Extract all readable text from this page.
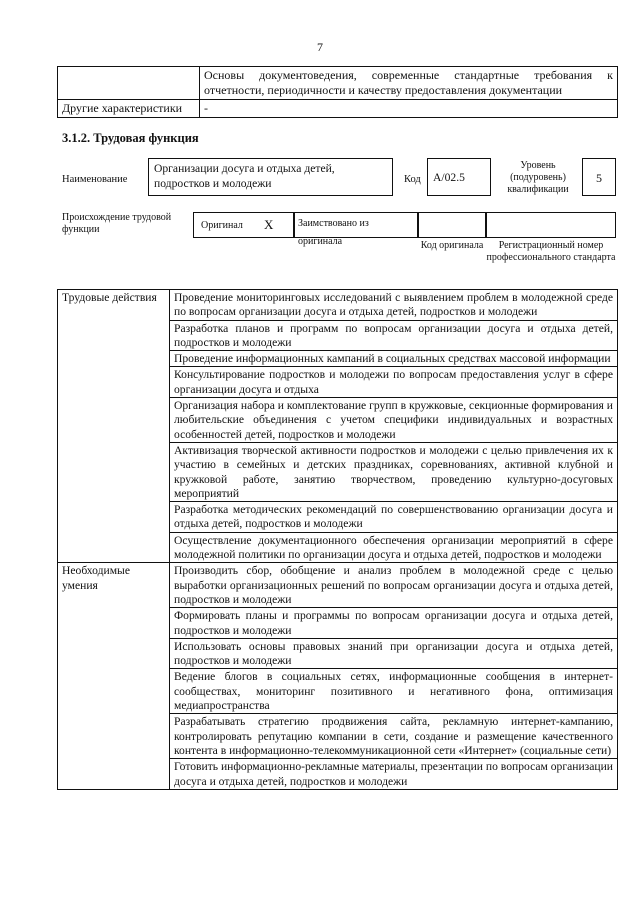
7
	Основы документоведения, современные стандартные требования к отчетности, периодичности и качеству предоставления документации
Другие характеристики	-
3.1.2. Трудовая функция
Наименование
Организации досуга и отдыха детей, подростков и молодежи	Код	А/02.5
Уровень (подуровень) квалификации
5
Происхождение трудовой функции	Оригинал X	Заимствовано из оригинала	Код оригинала	Регистрационный номер профессионального стандарта
Трудовые действия	Проведение мониторинговых исследований с выявлением проблем в молодежной среде по вопросам организации досуга и отдыха детей, подростков и молодежи
	Разработка планов и программ по вопросам организации досуга и отдыха детей, подростков и молодежи
	Проведение информационных кампаний в социальных средствах массовой информации
	Консультирование подростков и молодежи по вопросам предоставления услуг в сфере организации досуга и отдыха
	Организация набора и комплектование групп в кружковые, секционные формирования и любительские объединения с учетом специфики индивидуальных и возрастных особенностей детей, подростков и молодежи
	Активизация творческой активности подростков и молодежи с целью привлечения их к участию в семейных и детских праздниках, соревнованиях, активной клубной и кружковой работе, занятию творчеством, проведению культурно-досуговых мероприятий
	Разработка методических рекомендаций по совершенствованию организации досуга и отдыха детей, подростков и молодежи
	Осуществление документационного обеспечения организации мероприятий в сфере молодежной политики по организации досуга и отдыха детей, подростков и молодежи
Необходимые умения	Производить сбор, обобщение и анализ проблем в молодежной среде с целью выработки организационных решений по вопросам организации досуга и отдыха детей, подростков и молодежи
	Формировать планы и программы по вопросам организации досуга и отдыха детей, подростков и молодежи
	Использовать основы правовых знаний при организации досуга и отдыха детей, подростков и молодежи
	Ведение блогов в социальных сетях, информационные сообщения в интернет-сообществах, мониторинг позитивного и негативного фона, оптимизация медиапространства
	Разрабатывать стратегию продвижения сайта, рекламную интернет-кампанию, контролировать репутацию компании в сети, создание и размещение качественного контента в информационно-телекоммуникационной сети «Интернет» (социальные сети)
	Готовить информационно-рекламные материалы, презентации по вопросам организации досуга и отдыха детей, подростков и молодежи
